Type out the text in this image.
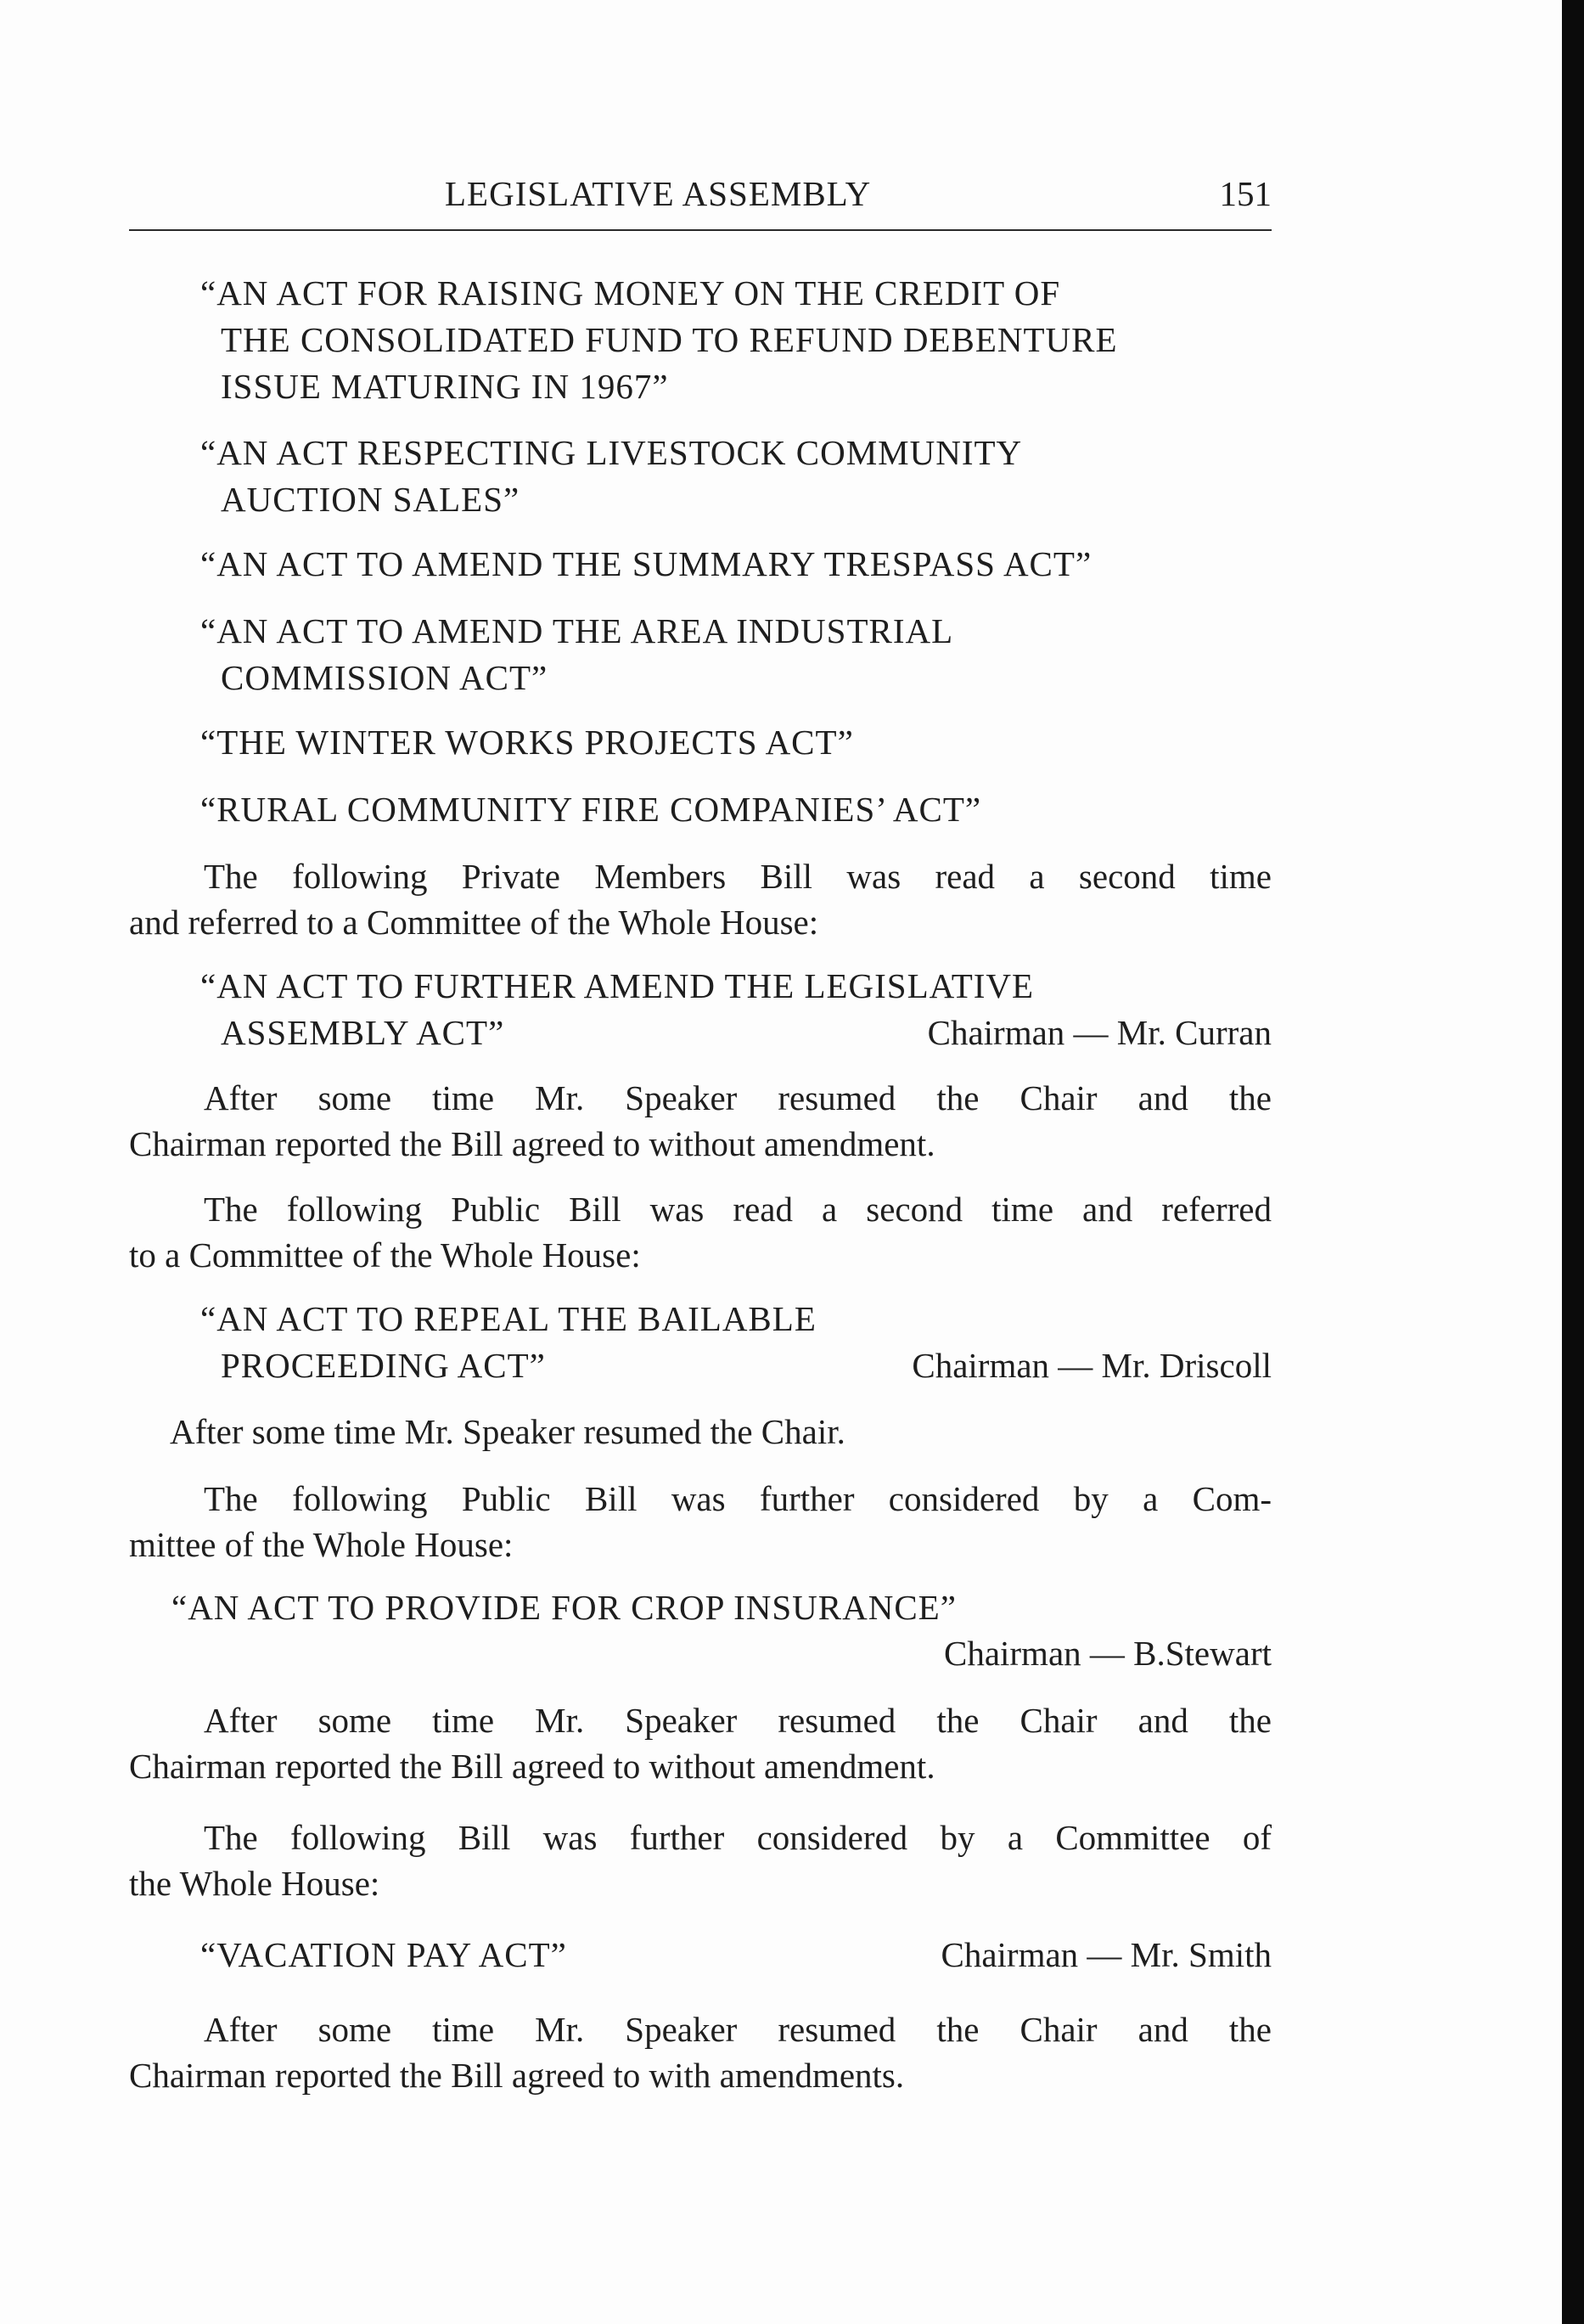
LEGISLATIVE ASSEMBLY	151
“AN ACT FOR RAISING MONEY ON THE CREDIT OF
THE CONSOLIDATED FUND TO REFUND DEBENTURE
ISSUE MATURING IN 1967”
“AN ACT RESPECTING LIVESTOCK COMMUNITY
AUCTION SALES”
“AN ACT TO AMEND THE SUMMARY TRESPASS ACT”
“AN ACT TO AMEND THE AREA INDUSTRIAL
COMMISSION ACT”
“THE WINTER WORKS PROJECTS ACT”
“RURAL COMMUNITY FIRE COMPANIES’ ACT”
The following Private Members Bill was read a second time
and referred to a Committee of the Whole House:
“AN ACT TO FURTHER AMEND THE LEGISLATIVE
ASSEMBLY ACT”	Chairman — Mr. Curran
After some time Mr. Speaker resumed the Chair and the
Chairman reported the Bill agreed to without amendment.
The following Public Bill was read a second time and referred
to a Committee of the Whole House:
“AN ACT TO REPEAL THE BAILABLE
PROCEEDING ACT”	Chairman — Mr. Driscoll
After some time Mr. Speaker resumed the Chair.
The following Public Bill was further considered by a Com-
mittee of the Whole House:
“AN ACT TO PROVIDE FOR CROP INSURANCE”
Chairman — B.Stewart
After some time Mr. Speaker resumed the Chair and the
Chairman reported the Bill agreed to without amendment.
The following Bill was further considered by a Committee of
the Whole House:
“VACATION PAY ACT”	Chairman — Mr. Smith
After some time Mr. Speaker resumed the Chair and the
Chairman reported the Bill agreed to with amendments.
